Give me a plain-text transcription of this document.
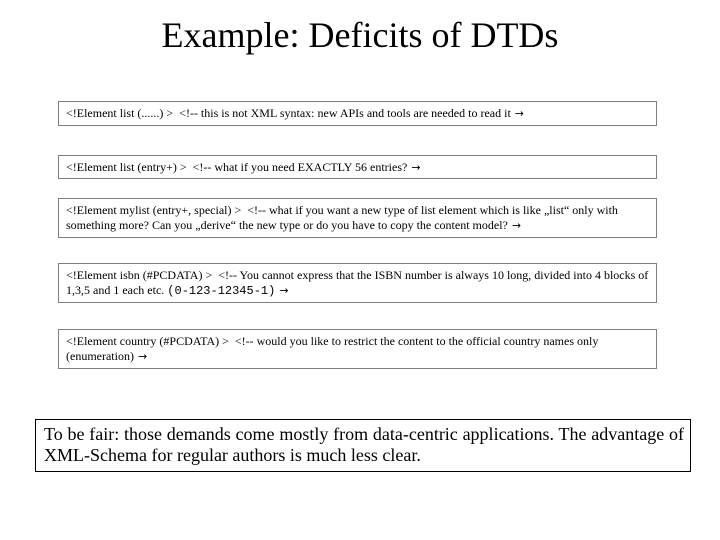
Example: Deficits of DTDs
<!Element list (......) >  <!-- this is not XML syntax: new APIs and tools are needed to read it →
<!Element list (entry+) >  <!-- what if you need EXACTLY 56 entries? →
<!Element mylist (entry+, special) >  <!-- what if you want a new type of list element which is like „list“ only with something more? Can you „derive“ the new type or do you have to copy the content model? →
<!Element isbn (#PCDATA) >  <!-- You cannot express that the ISBN number is always 10 long, divided into 4 blocks of 1,3,5 and 1 each etc. (0-123-12345-1) →
<!Element country (#PCDATA) >  <!-- would you like to restrict the content to the official country names only (enumeration) →
To be fair: those demands come mostly from data-centric applications. The advantage of XML-Schema for regular authors is much less clear.
